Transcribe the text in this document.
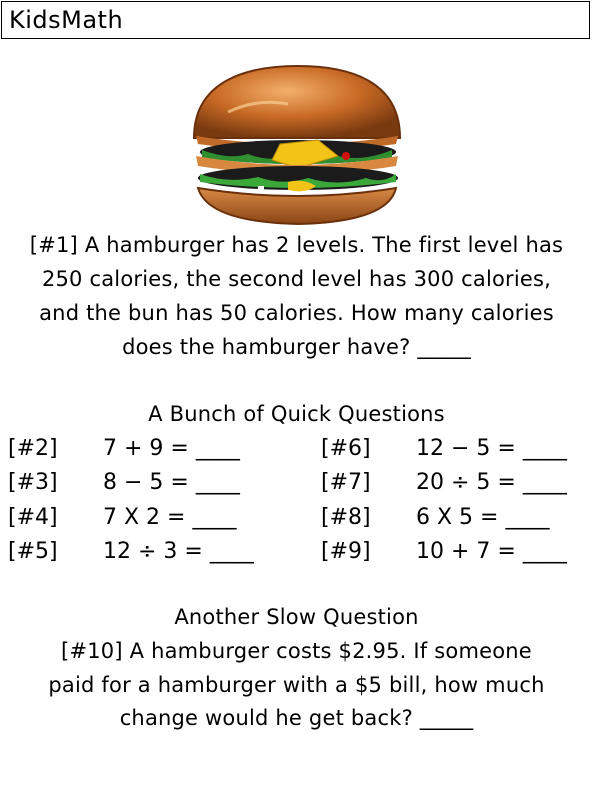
KidsMath
[#1] A hamburger has 2 levels. The first level has
250 calories, the second level has 300 calories,
and the bun has 50 calories. How many calories
does the hamburger have? _____
A Bunch of Quick Questions
[#2] 7 + 9 = ____
[#3] 8 − 5 = ____
[#4] 7 X 2 = ____
[#5] 12 ÷ 3 = ____
[#6] 12 − 5 = ____
[#7] 20 ÷ 5 = ____
[#8] 6 X 5 = ____
[#9] 10 + 7 = ____
Another Slow Question
[#10] A hamburger costs $2.95. If someone
paid for a hamburger with a $5 bill, how much
change would he get back? _____
